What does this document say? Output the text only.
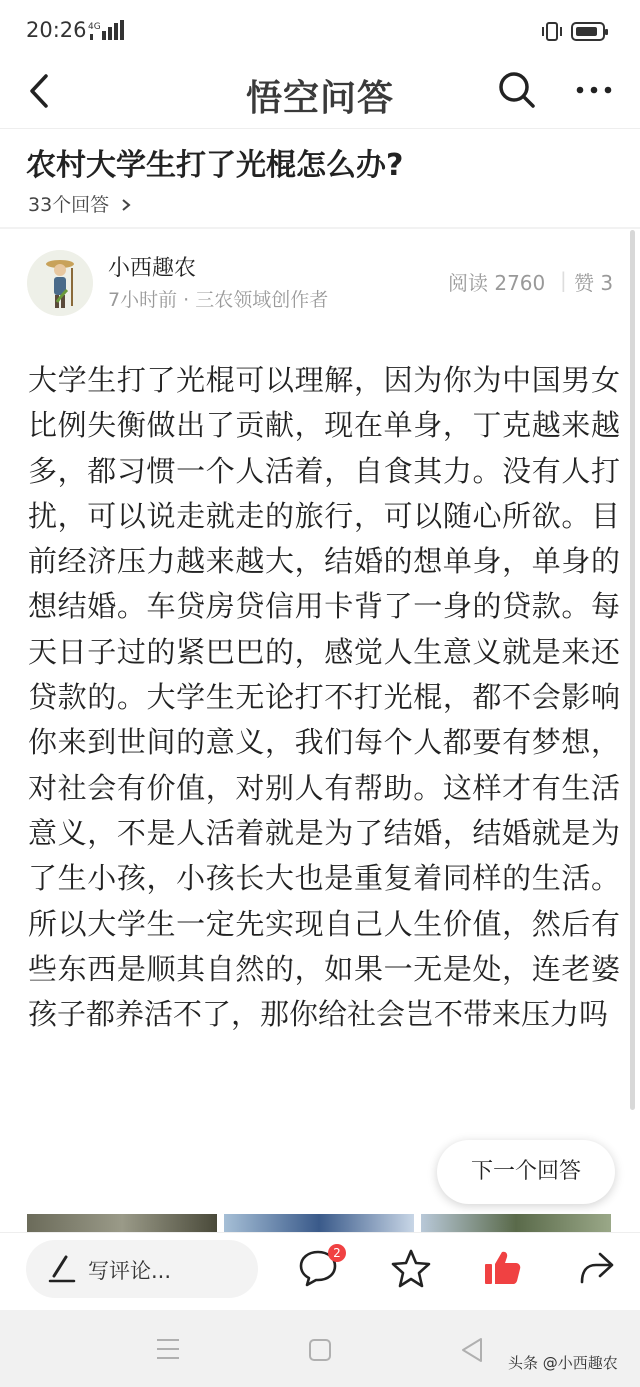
20:26 4G
悟空问答
农村大学生打了光棍怎么办?
33个回答
小西趣农
7小时前 · 三农领域创作者
阅读 2760 | 赞 3
大学生打了光棍可以理解，因为你为中国男女比例失衡做出了贡献，现在单身，丁克越来越多，都习惯一个人活着，自食其力。没有人打扰，可以说走就走的旅行，可以随心所欲。目前经济压力越来越大，结婚的想单身，单身的想结婚。车贷房贷信用卡背了一身的贷款。每天日子过的紧巴巴的，感觉人生意义就是来还贷款的。大学生无论打不打光棍，都不会影响你来到世间的意义，我们每个人都要有梦想，对社会有价值，对别人有帮助。这样才有生活意义，不是人活着就是为了结婚，结婚就是为了生小孩，小孩长大也是重复着同样的生活。所以大学生一定先实现自己人生价值，然后有些东西是顺其自然的，如果一无是处，连老婆孩子都养活不了，那你给社会岂不带来压力吗
下一个回答
写评论...
2
头条 @小西趣农
